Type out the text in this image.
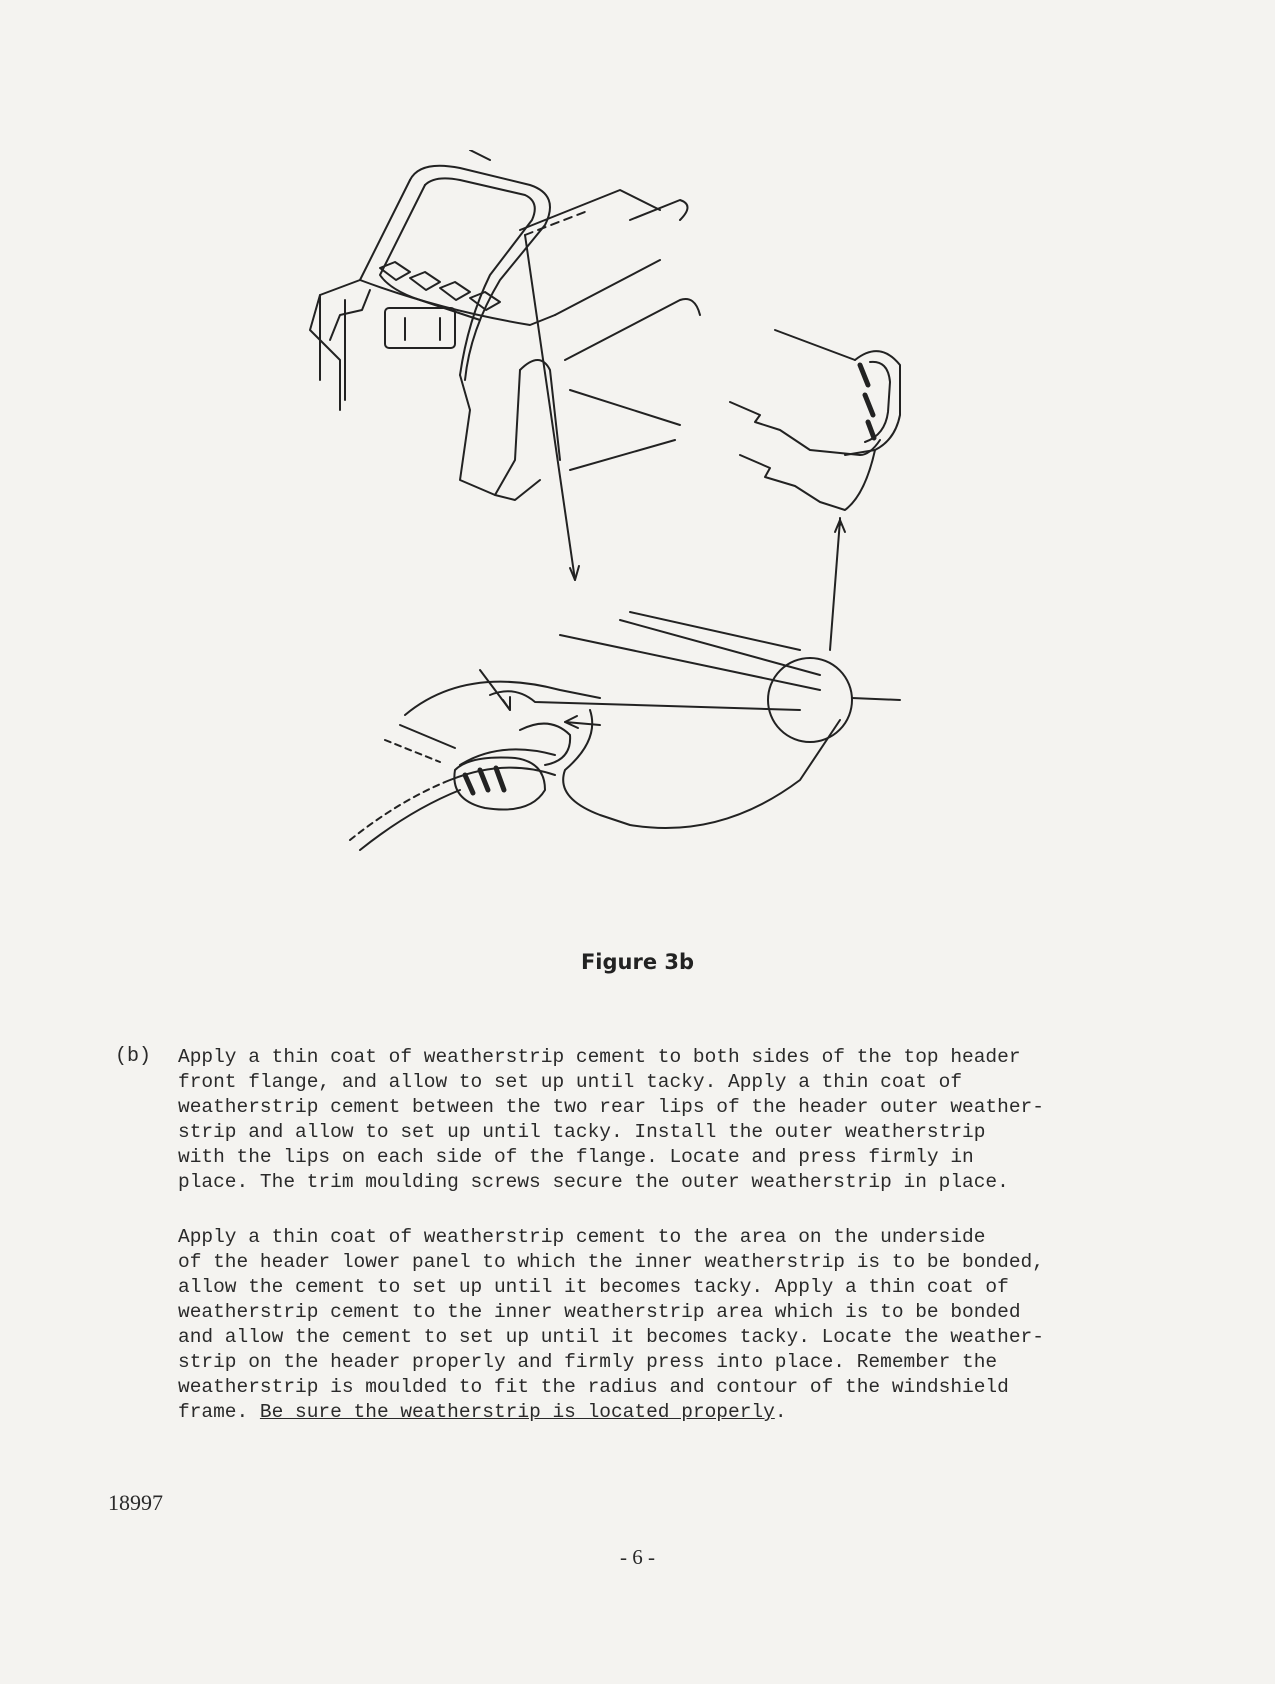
Figure 3b
(b) Apply a thin coat of weatherstrip cement to both sides of the top header
front flange, and allow to set up until tacky. Apply a thin coat of
weatherstrip cement between the two rear lips of the header outer weather-
strip and allow to set up until tacky. Install the outer weatherstrip
with the lips on each side of the flange. Locate and press firmly in
place. The trim moulding screws secure the outer weatherstrip in place.
Apply a thin coat of weatherstrip cement to the area on the underside
of the header lower panel to which the inner weatherstrip is to be bonded,
allow the cement to set up until it becomes tacky. Apply a thin coat of
weatherstrip cement to the inner weatherstrip area which is to be bonded
and allow the cement to set up until it becomes tacky. Locate the weather-
strip on the header properly and firmly press into place. Remember the
weatherstrip is moulded to fit the radius and contour of the windshield
frame. Be sure the weatherstrip is located properly.
18997
- 6 -
